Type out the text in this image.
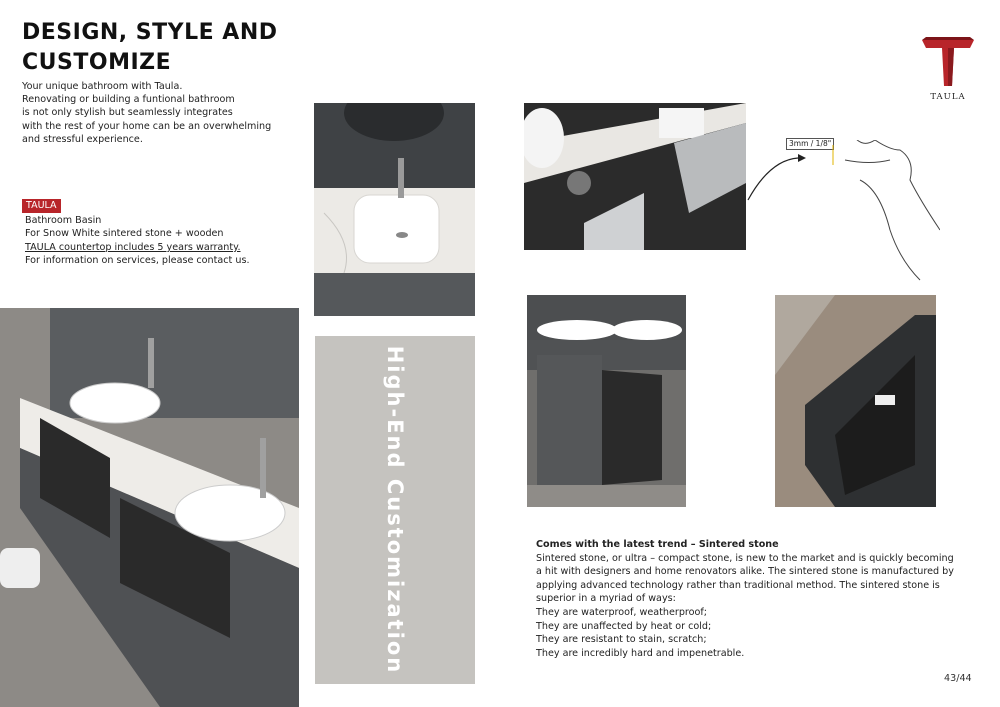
DESIGN, STYLE AND
CUSTOMIZE
Your unique bathroom with Taula.
Renovating or building a funtional bathroom
is not only stylish but seamlessly integrates
with the rest of your home can be an overwhelming
and stressful experience.
TAULA
Bathroom Basin
For Snow White sintered stone + wooden
TAULA countertop includes 5 years warranty.
For information on services, please contact us.
TAULA
3mm / 1/8"
High-End Customization	Comes with the latest trend – Sintered stone
Sintered stone, or ultra – compact stone, is new to the market and is quickly becoming
a hit with designers and home renovators alike. The sintered stone is manufactured by
applying advanced technology rather than traditional method. The sintered stone is
superior in a myriad of ways:
They are waterproof, weatherproof;
They are unaffected by heat or cold;
They are resistant to stain, scratch;
They are incredibly hard and impenetrable.
43/44
